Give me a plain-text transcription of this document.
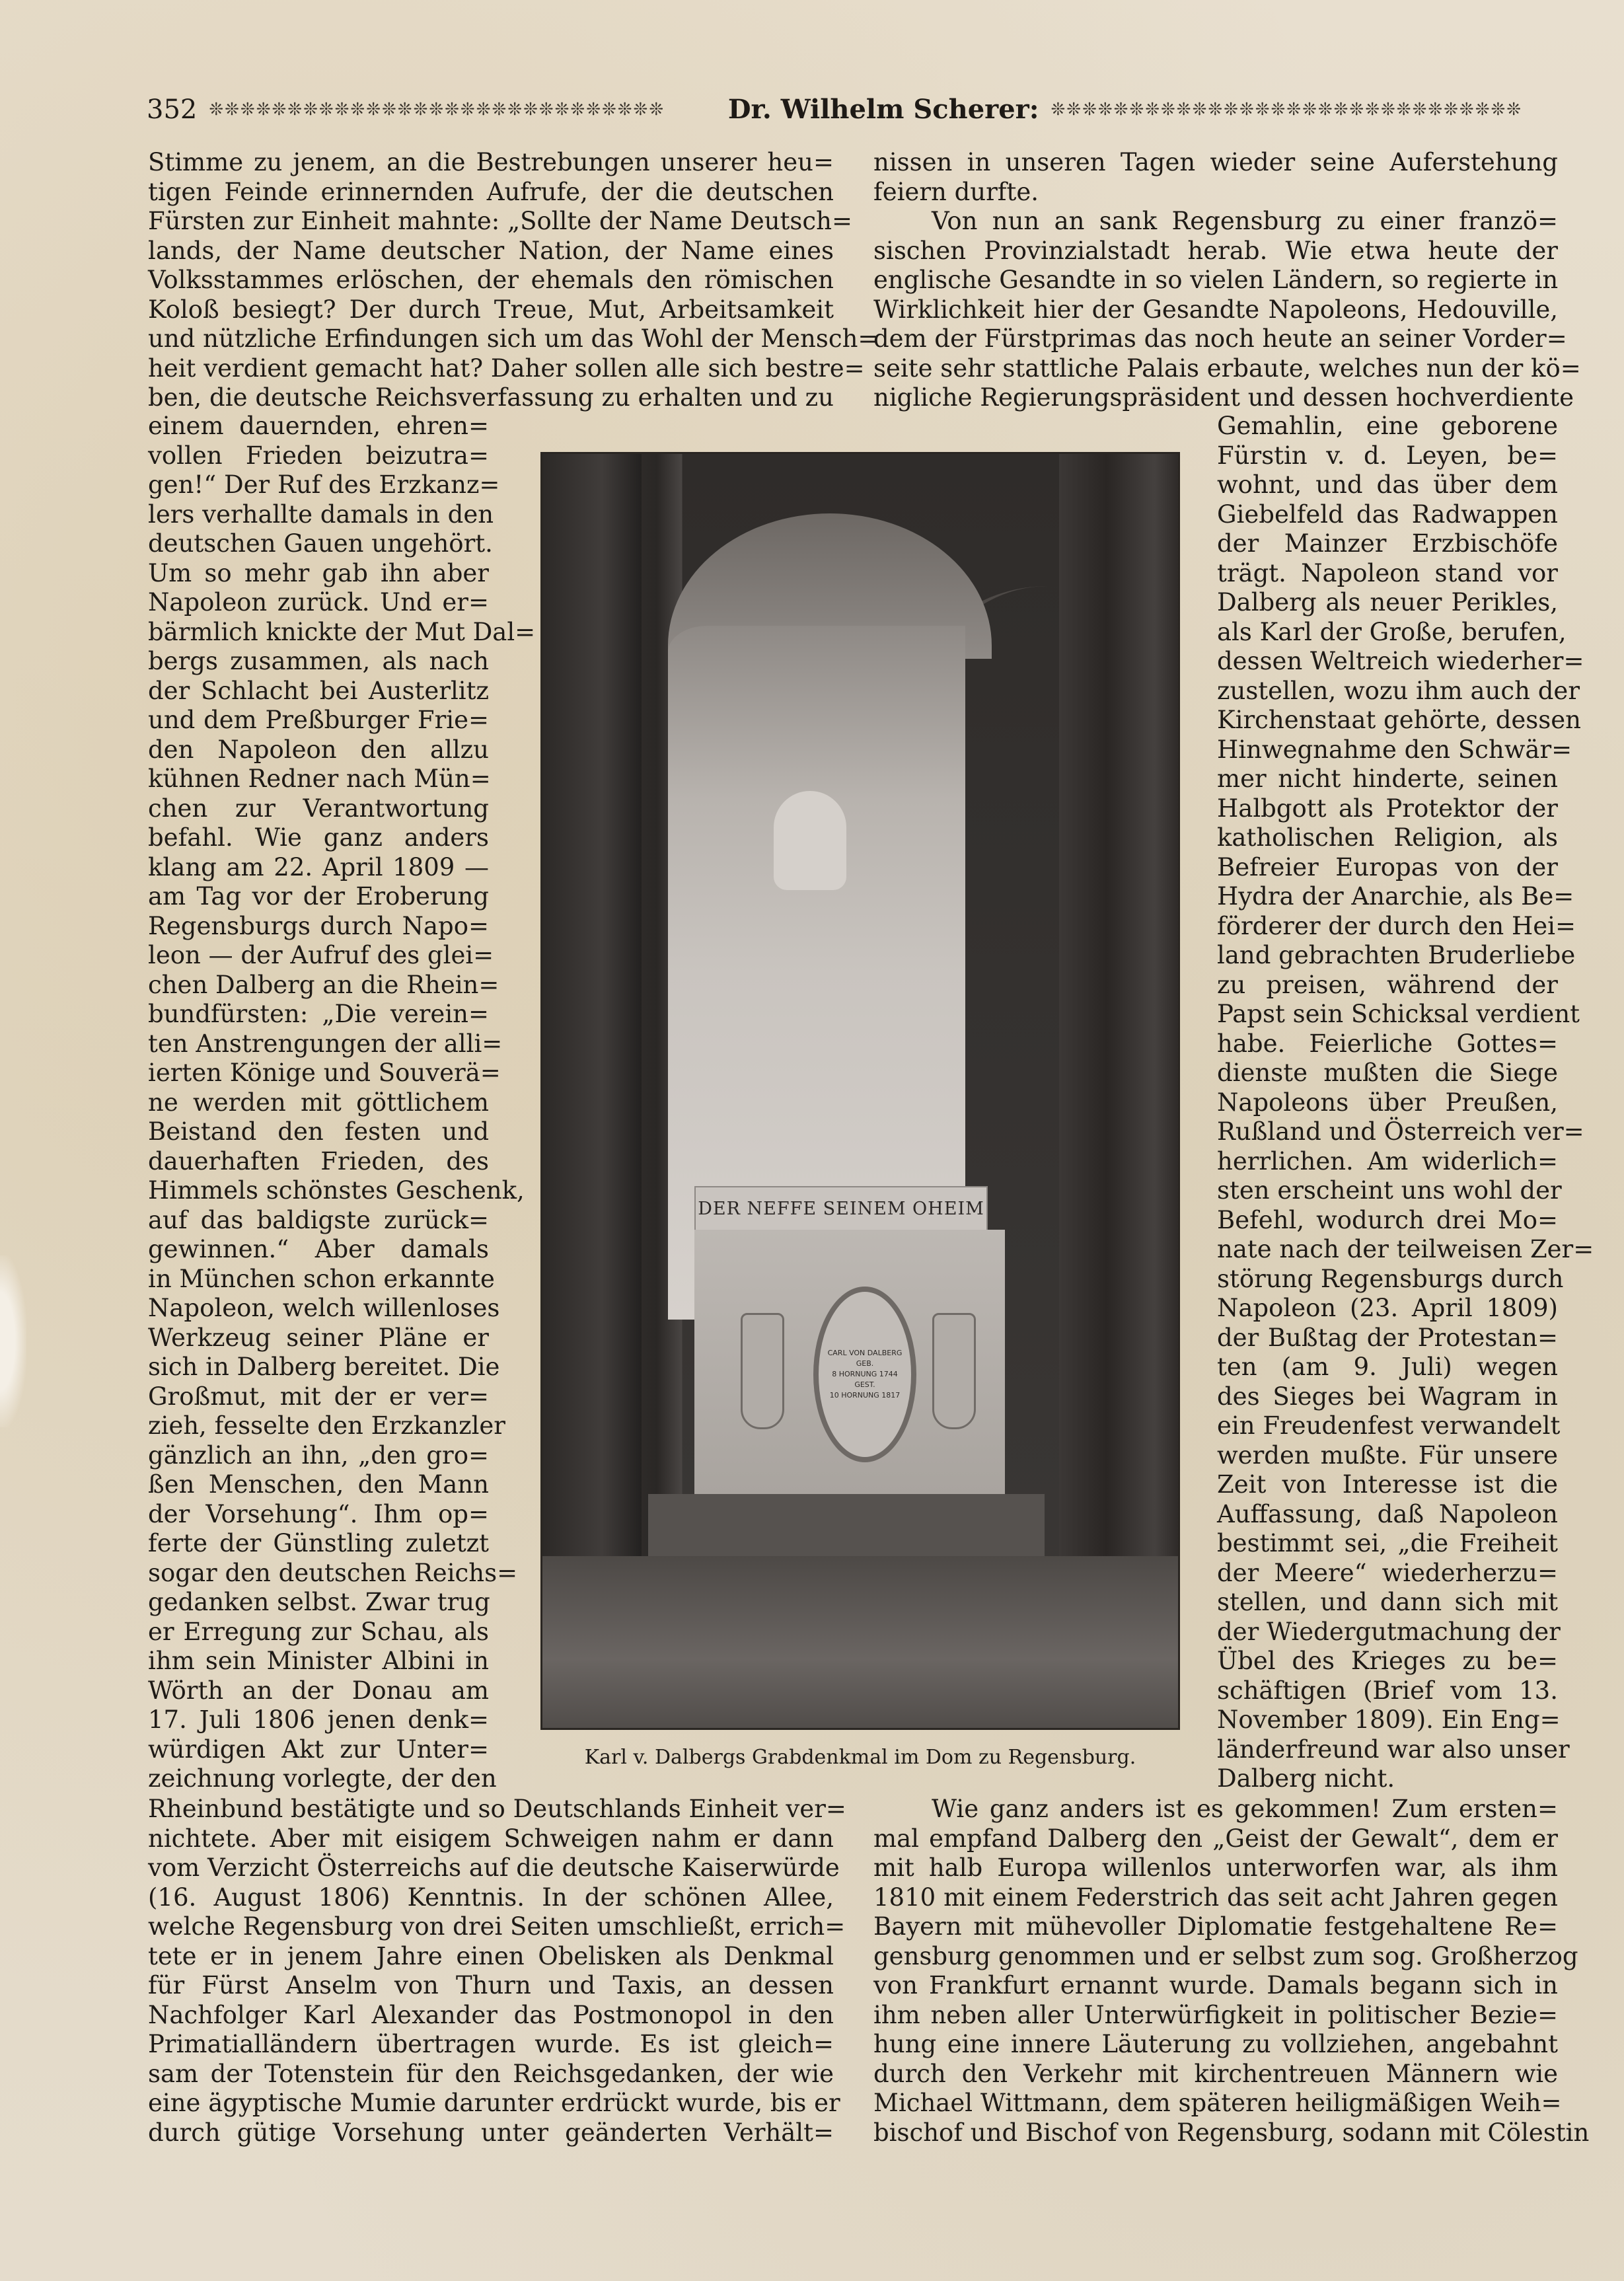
352 ❊❊❊❊❊❊❊❊❊❊❊❊❊❊❊❊❊❊❊❊❊❊❊❊❊❊❊❊❊	Dr. Wilhelm Scherer: ❊❊❊❊❊❊❊❊❊❊❊❊❊❊❊❊❊❊❊❊❊❊❊❊❊❊❊❊❊❊
Stimme zu jenem, an die Bestrebungen unserer heu=
tigen Feinde erinnernden Aufrufe, der die deutschen
Fürsten zur Einheit mahnte: „Sollte der Name Deutsch=
lands, der Name deutscher Nation, der Name eines
Volksstammes erlöschen, der ehemals den römischen
Koloß besiegt? Der durch Treue, Mut, Arbeitsamkeit
und nützliche Erfindungen sich um das Wohl der Mensch=
heit verdient gemacht hat? Daher sollen alle sich bestre=
ben, die deutsche Reichsverfassung zu erhalten und zu
nissen in unseren Tagen wieder seine Auferstehung
feiern durfte.
Von nun an sank Regensburg zu einer franzö=
sischen Provinzialstadt herab. Wie etwa heute der
englische Gesandte in so vielen Ländern, so regierte in
Wirklichkeit hier der Gesandte Napoleons, Hedouville,
dem der Fürstprimas das noch heute an seiner Vorder=
seite sehr stattliche Palais erbaute, welches nun der kö=
nigliche Regierungspräsident und dessen hochverdiente
einem dauernden, ehren=
vollen Frieden beizutra=
gen!“ Der Ruf des Erzkanz=
lers verhallte damals in den
deutschen Gauen ungehört.
Um so mehr gab ihn aber
Napoleon zurück. Und er=
bärmlich knickte der Mut Dal=
bergs zusammen, als nach
der Schlacht bei Austerlitz
und dem Preßburger Frie=
den Napoleon den allzu
kühnen Redner nach Mün=
chen zur Verantwortung
befahl. Wie ganz anders
klang am 22. April 1809 —
am Tag vor der Eroberung
Regensburgs durch Napo=
leon — der Aufruf des glei=
chen Dalberg an die Rhein=
bundfürsten: „Die verein=
ten Anstrengungen der alli=
ierten Könige und Souverä=
ne werden mit göttlichem
Beistand den festen und
dauerhaften Frieden, des
Himmels schönstes Geschenk,
auf das baldigste zurück=
gewinnen.“ Aber damals
in München schon erkannte
Napoleon, welch willenloses
Werkzeug seiner Pläne er
sich in Dalberg bereitet. Die
Großmut, mit der er ver=
zieh, fesselte den Erzkanzler
gänzlich an ihn, „den gro=
ßen Menschen, den Mann
der Vorsehung“. Ihm op=
ferte der Günstling zuletzt
sogar den deutschen Reichs=
gedanken selbst. Zwar trug
er Erregung zur Schau, als
ihm sein Minister Albini in
Wörth an der Donau am
17. Juli 1806 jenen denk=
würdigen Akt zur Unter=
zeichnung vorlegte, der den
Gemahlin, eine geborene
Fürstin v. d. Leyen, be=
wohnt, und das über dem
Giebelfeld das Radwappen
der Mainzer Erzbischöfe
trägt. Napoleon stand vor
Dalberg als neuer Perikles,
als Karl der Große, berufen,
dessen Weltreich wiederher=
zustellen, wozu ihm auch der
Kirchenstaat gehörte, dessen
Hinwegnahme den Schwär=
mer nicht hinderte, seinen
Halbgott als Protektor der
katholischen Religion, als
Befreier Europas von der
Hydra der Anarchie, als Be=
förderer der durch den Hei=
land gebrachten Bruderliebe
zu preisen, während der
Papst sein Schicksal verdient
habe. Feierliche Gottes=
dienste mußten die Siege
Napoleons über Preußen,
Rußland und Österreich ver=
herrlichen. Am widerlich=
sten erscheint uns wohl der
Befehl, wodurch drei Mo=
nate nach der teilweisen Zer=
störung Regensburgs durch
Napoleon (23. April 1809)
der Bußtag der Protestan=
ten (am 9. Juli) wegen
des Sieges bei Wagram in
ein Freudenfest verwandelt
werden mußte. Für unsere
Zeit von Interesse ist die
Auffassung, daß Napoleon
bestimmt sei, „die Freiheit
der Meere“ wiederherzu=
stellen, und dann sich mit
der Wiedergutmachung der
Übel des Krieges zu be=
schäftigen (Brief vom 13.
November 1809). Ein Eng=
länderfreund war also unser
Dalberg nicht.
DER NEFFE SEINEM OHEIM
CARL VON DALBERG
GEB.
8 HORNUNG 1744
GEST.
10 HORNUNG 1817
Karl v. Dalbergs Grabdenkmal im Dom zu Regensburg.
Rheinbund bestätigte und so Deutschlands Einheit ver=
nichtete. Aber mit eisigem Schweigen nahm er dann
vom Verzicht Österreichs auf die deutsche Kaiserwürde
(16. August 1806) Kenntnis. In der schönen Allee,
welche Regensburg von drei Seiten umschließt, errich=
tete er in jenem Jahre einen Obelisken als Denkmal
für Fürst Anselm von Thurn und Taxis, an dessen
Nachfolger Karl Alexander das Postmonopol in den
Primatialländern übertragen wurde. Es ist gleich=
sam der Totenstein für den Reichsgedanken, der wie
eine ägyptische Mumie darunter erdrückt wurde, bis er
durch gütige Vorsehung unter geänderten Verhält=
Wie ganz anders ist es gekommen! Zum ersten=
mal empfand Dalberg den „Geist der Gewalt“, dem er
mit halb Europa willenlos unterworfen war, als ihm
1810 mit einem Federstrich das seit acht Jahren gegen
Bayern mit mühevoller Diplomatie festgehaltene Re=
gensburg genommen und er selbst zum sog. Großherzog
von Frankfurt ernannt wurde. Damals begann sich in
ihm neben aller Unterwürfigkeit in politischer Bezie=
hung eine innere Läuterung zu vollziehen, angebahnt
durch den Verkehr mit kirchentreuen Männern wie
Michael Wittmann, dem späteren heiligmäßigen Weih=
bischof und Bischof von Regensburg, sodann mit Cölestin
